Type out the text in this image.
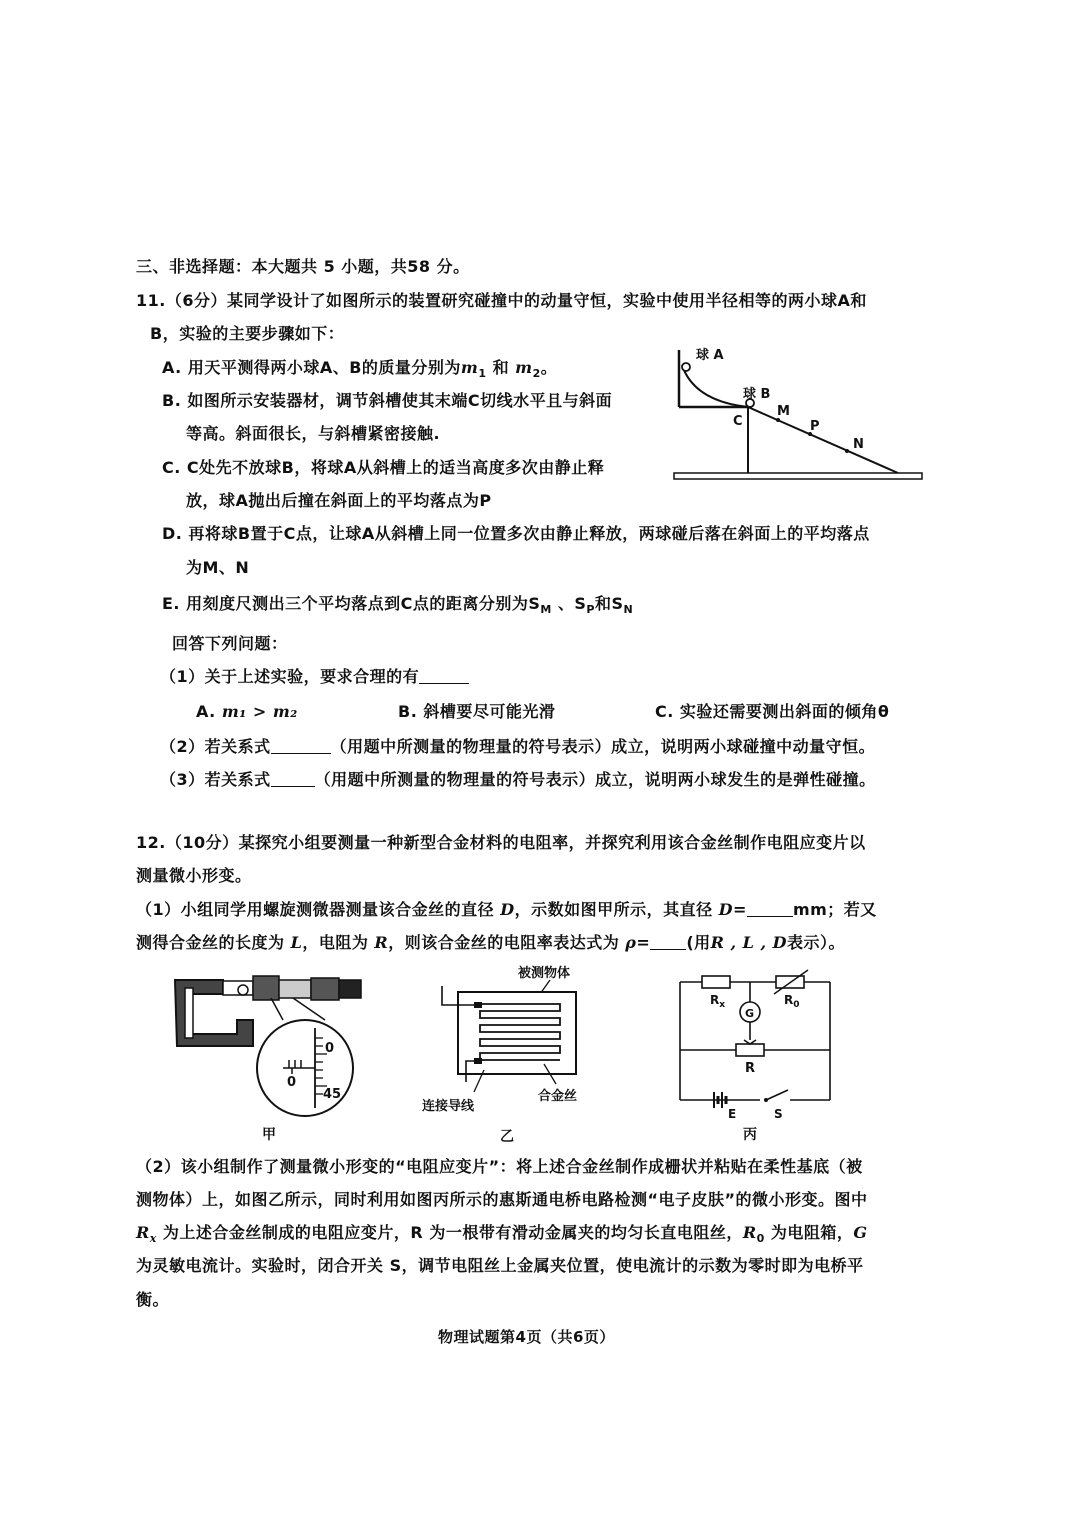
三、非选择题：本大题共 5 小题，共58 分。
11.（6分）某同学设计了如图所示的装置研究碰撞中的动量守恒，实验中使用半径相等的两小球A和
B，实验的主要步骤如下：
A. 用天平测得两小球A、B的质量分别为$m_1$ 和 $m_2$。
B. 如图所示安装器材，调节斜槽使其末端C切线水平且与斜面
等高。斜面很长，与斜槽紧密接触.
C. C处先不放球B，将球A从斜槽上的适当高度多次由静止释
放，球A抛出后撞在斜面上的平均落点为P
D. 再将球B置于C点，让球A从斜槽上同一位置多次由静止释放，两球碰后落在斜面上的平均落点
为M、N
E. 用刻度尺测出三个平均落点到C点的距离分别为$S_M$ 、$S_P$和$S_N$
回答下列问题：
（1）关于上述实验，要求合理的有
A. m₁ > m₂	B. 斜槽要尽可能光滑	C. 实验还需要测出斜面的倾角θ
（2）若关系式	（用题中所测量的物理量的符号表示）成立，说明两小球碰撞中动量守恒。
（3）若关系式	（用题中所测量的物理量的符号表示）成立，说明两小球发生的是弹性碰撞。
球 A
球 B
C
M
P
N
12.（10分）某探究小组要测量一种新型合金材料的电阻率，并探究利用该合金丝制作电阻应变片以
测量微小形变。
（1）小组同学用螺旋测微器测量该合金丝的直径 D，示数如图甲所示，其直径 D=	mm；若又
测得合金丝的长度为 L，电阻为 R，则该合金丝的电阻率表达式为 ρ= (用R , L , D表示）。
0
0
45
甲
被测物体
连接导线
合金丝
乙
$R_x$	$R_0$
G
R
E	S
丙
（2）该小组制作了测量微小形变的“电阻应变片”：将上述合金丝制作成栅状并粘贴在柔性基底（被
测物体）上，如图乙所示，同时利用如图丙所示的惠斯通电桥电路检测“电子皮肤”的微小形变。图中
$R_x$ 为上述合金丝制成的电阻应变片，R 为一根带有滑动金属夹的均匀长直电阻丝，$R_0$ 为电阻箱，G
为灵敏电流计。实验时，闭合开关 S，调节电阻丝上金属夹位置，使电流计的示数为零时即为电桥平
衡。
物理试题第4页（共6页）
